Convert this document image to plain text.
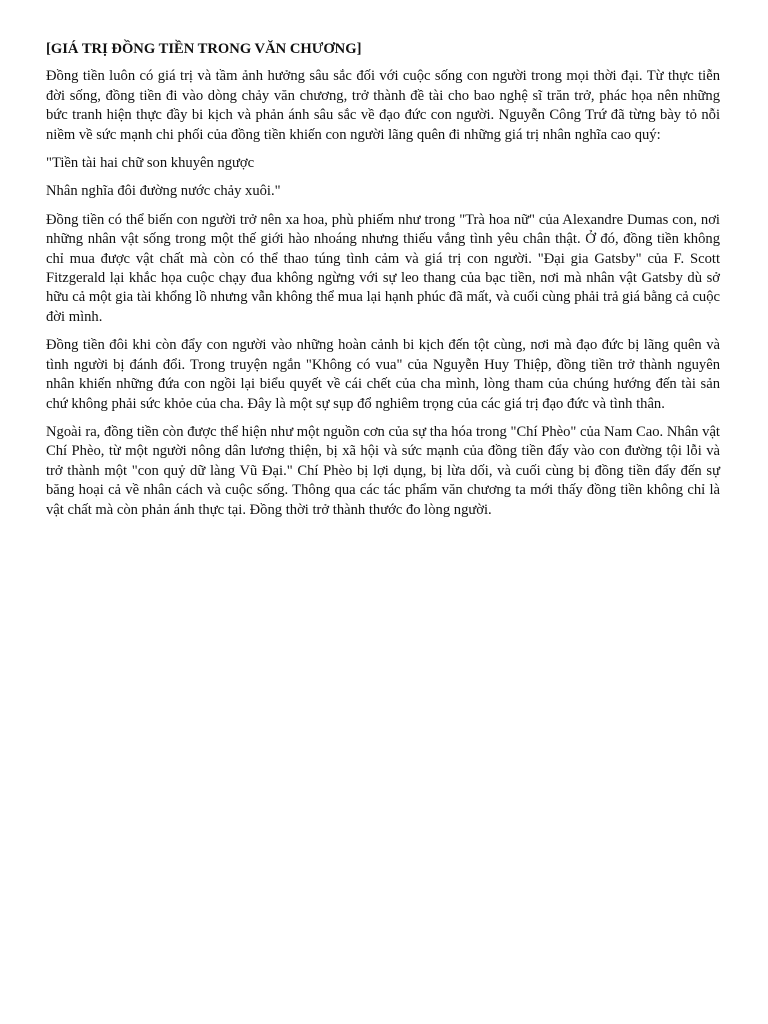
[GIÁ TRỊ ĐỒNG TIỀN TRONG VĂN CHƯƠNG]

Đồng tiền luôn có giá trị và tầm ảnh hưởng sâu sắc đối với cuộc sống con người trong mọi thời đại. Từ thực tiễn đời sống, đồng tiền đi vào dòng chảy văn chương, trở thành đề tài cho bao nghệ sĩ trăn trở, phác họa nên những bức tranh hiện thực đầy bi kịch và phản ánh sâu sắc về đạo đức con người. Nguyễn Công Trứ đã từng bày tỏ nỗi niềm về sức mạnh chi phối của đồng tiền khiến con người lãng quên đi những giá trị nhân nghĩa cao quý:

"Tiền tài hai chữ son khuyên ngược

Nhân nghĩa đôi đường nước chảy xuôi."

Đồng tiền có thể biến con người trở nên xa hoa, phù phiếm như trong "Trà hoa nữ" của Alexandre Dumas con, nơi những nhân vật sống trong một thế giới hào nhoáng nhưng thiếu vắng tình yêu chân thật. Ở đó, đồng tiền không chỉ mua được vật chất mà còn có thể thao túng tình cảm và giá trị con người. "Đại gia Gatsby" của F. Scott Fitzgerald lại khắc họa cuộc chạy đua không ngừng với sự leo thang của bạc tiền, nơi mà nhân vật Gatsby dù sở hữu cả một gia tài khổng lồ nhưng vẫn không thể mua lại hạnh phúc đã mất, và cuối cùng phải trả giá bằng cả cuộc đời mình.

Đồng tiền đôi khi còn đẩy con người vào những hoàn cảnh bi kịch đến tột cùng, nơi mà đạo đức bị lãng quên và tình người bị đánh đổi. Trong truyện ngắn "Không có vua" của Nguyễn Huy Thiệp, đồng tiền trở thành nguyên nhân khiến những đứa con ngồi lại biểu quyết về cái chết của cha mình, lòng tham của chúng hướng đến tài sản chứ không phải sức khỏe của cha. Đây là một sự sụp đổ nghiêm trọng của các giá trị đạo đức và tình thân.

Ngoài ra, đồng tiền còn được thể hiện như một nguồn cơn của sự tha hóa trong "Chí Phèo" của Nam Cao. Nhân vật Chí Phèo, từ một người nông dân lương thiện, bị xã hội và sức mạnh của đồng tiền đẩy vào con đường tội lỗi và trở thành một "con quỷ dữ làng Vũ Đại." Chí Phèo bị lợi dụng, bị lừa dối, và cuối cùng bị đồng tiền đẩy đến sự băng hoại cả về nhân cách và cuộc sống. Thông qua các tác phẩm văn chương ta mới thấy đồng tiền không chỉ là vật chất mà còn phản ánh thực tại. Đồng thời trở thành thước đo lòng người.
